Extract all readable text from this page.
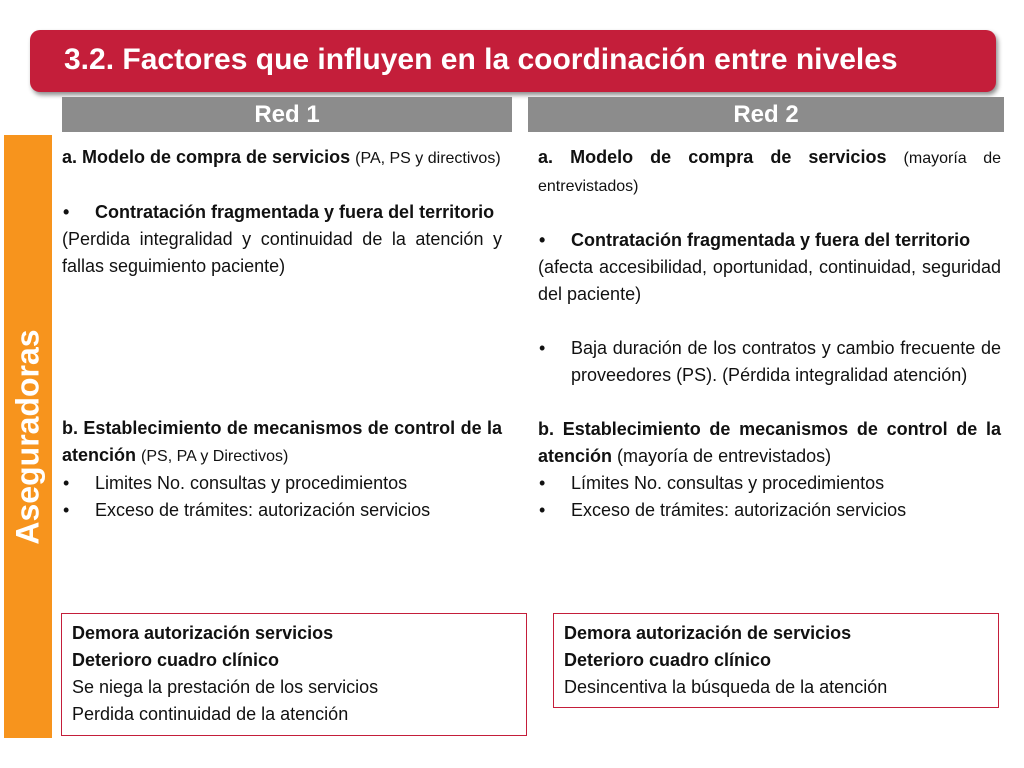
3.2. Factores que influyen en la coordinación entre niveles
Red 1	Red 2
Aseguradoras

a. Modelo de compra de servicios (PA, PS y directivos)

• Contratación fragmentada y fuera del territorio

(Perdida integralidad y continuidad de la atención y fallas seguimiento paciente)

b. Establecimiento de mecanismos de control de la atención (PS, PA y Directivos)

• Limites No. consultas y procedimientos
• Exceso de trámites: autorización servicios

a. Modelo de compra de servicios (mayoría de entrevistados)

• Contratación fragmentada y fuera del territorio

(afecta accesibilidad, oportunidad, continuidad, seguridad del paciente)

• Baja duración de los contratos y cambio frecuente de proveedores (PS). (Pérdida integralidad atención)

b. Establecimiento de mecanismos de control de la atención (mayoría de entrevistados)

• Límites No. consultas y procedimientos
• Exceso de trámites: autorización servicios

Demora autorización servicios

Deterioro cuadro clínico

Se niega la prestación de los servicios

Perdida continuidad de la atención

Demora autorización de servicios

Deterioro cuadro clínico

Desincentiva la búsqueda de la atención
